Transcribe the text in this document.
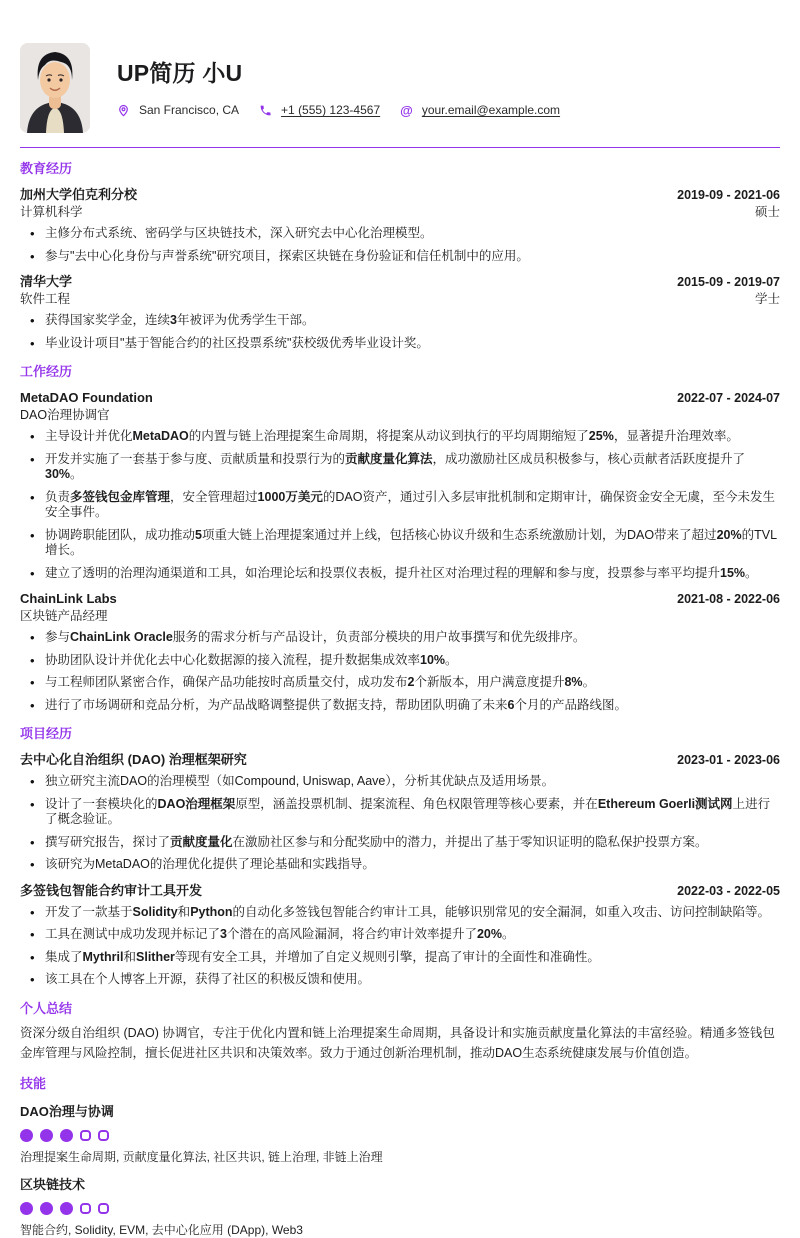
UP简历 小U
San Francisco, CA	+1 (555) 123-4567 @ your.email@example.com
教育经历
加州大学伯克利分校	2019-09 - 2021-06
计算机科学	硕士
• 主修分布式系统、密码学与区块链技术，深入研究去中心化治理模型。
• 参与"去中心化身份与声誉系统"研究项目，探索区块链在身份验证和信任机制中的应用。
清华大学	2015-09 - 2019-07
软件工程	学士
• 获得国家奖学金，连续3年被评为优秀学生干部。
• 毕业设计项目"基于智能合约的社区投票系统"获校级优秀毕业设计奖。
工作经历
MetaDAO Foundation	2022-07 - 2024-07
DAO治理协调官
• 主导设计并优化MetaDAO的内置与链上治理提案生命周期，将提案从动议到执行的平均周期缩短了25%，显著提升治理效率。
• 开发并实施了一套基于参与度、贡献质量和投票行为的贡献度量化算法，成功激励社区成员积极参与，核心贡献者活跃度提升了30%。
• 负责多签钱包金库管理，安全管理超过1000万美元的DAO资产，通过引入多层审批机制和定期审计，确保资金安全无虞，至今未发生安全事件。
• 协调跨职能团队，成功推动5项重大链上治理提案通过并上线，包括核心协议升级和生态系统激励计划，为DAO带来了超过20%的TVL增长。
• 建立了透明的治理沟通渠道和工具，如治理论坛和投票仪表板，提升社区对治理过程的理解和参与度，投票参与率平均提升15%。
ChainLink Labs	2021-08 - 2022-06
区块链产品经理
• 参与ChainLink Oracle服务的需求分析与产品设计，负责部分模块的用户故事撰写和优先级排序。
• 协助团队设计并优化去中心化数据源的接入流程，提升数据集成效率10%。
• 与工程师团队紧密合作，确保产品功能按时高质量交付，成功发布2个新版本，用户满意度提升8%。
• 进行了市场调研和竞品分析，为产品战略调整提供了数据支持，帮助团队明确了未来6个月的产品路线图。
项目经历
去中心化自治组织 (DAO) 治理框架研究	2023-01 - 2023-06
• 独立研究主流DAO的治理模型（如Compound, Uniswap, Aave），分析其优缺点及适用场景。
• 设计了一套模块化的DAO治理框架原型，涵盖投票机制、提案流程、角色权限管理等核心要素，并在Ethereum Goerli测试网上进行了概念验证。
• 撰写研究报告，探讨了贡献度量化在激励社区参与和分配奖励中的潜力，并提出了基于零知识证明的隐私保护投票方案。
• 该研究为MetaDAO的治理优化提供了理论基础和实践指导。
多签钱包智能合约审计工具开发	2022-03 - 2022-05
• 开发了一款基于Solidity和Python的自动化多签钱包智能合约审计工具，能够识别常见的安全漏洞，如重入攻击、访问控制缺陷等。
• 工具在测试中成功发现并标记了3个潜在的高风险漏洞，将合约审计效率提升了20%。
• 集成了Mythril和Slither等现有安全工具，并增加了自定义规则引擎，提高了审计的全面性和准确性。
• 该工具在个人博客上开源，获得了社区的积极反馈和使用。
个人总结
资深分级自治组织 (DAO) 协调官，专注于优化内置和链上治理提案生命周期，具备设计和实施贡献度量化算法的丰富经验。精通多签钱包金库管理与风险控制，擅长促进社区共识和决策效率。致力于通过创新治理机制，推动DAO生态系统健康发展与价值创造。
技能
DAO治理与协调
治理提案生命周期, 贡献度量化算法, 社区共识, 链上治理, 非链上治理
区块链技术
智能合约, Solidity, EVM, 去中心化应用 (DApp), Web3
